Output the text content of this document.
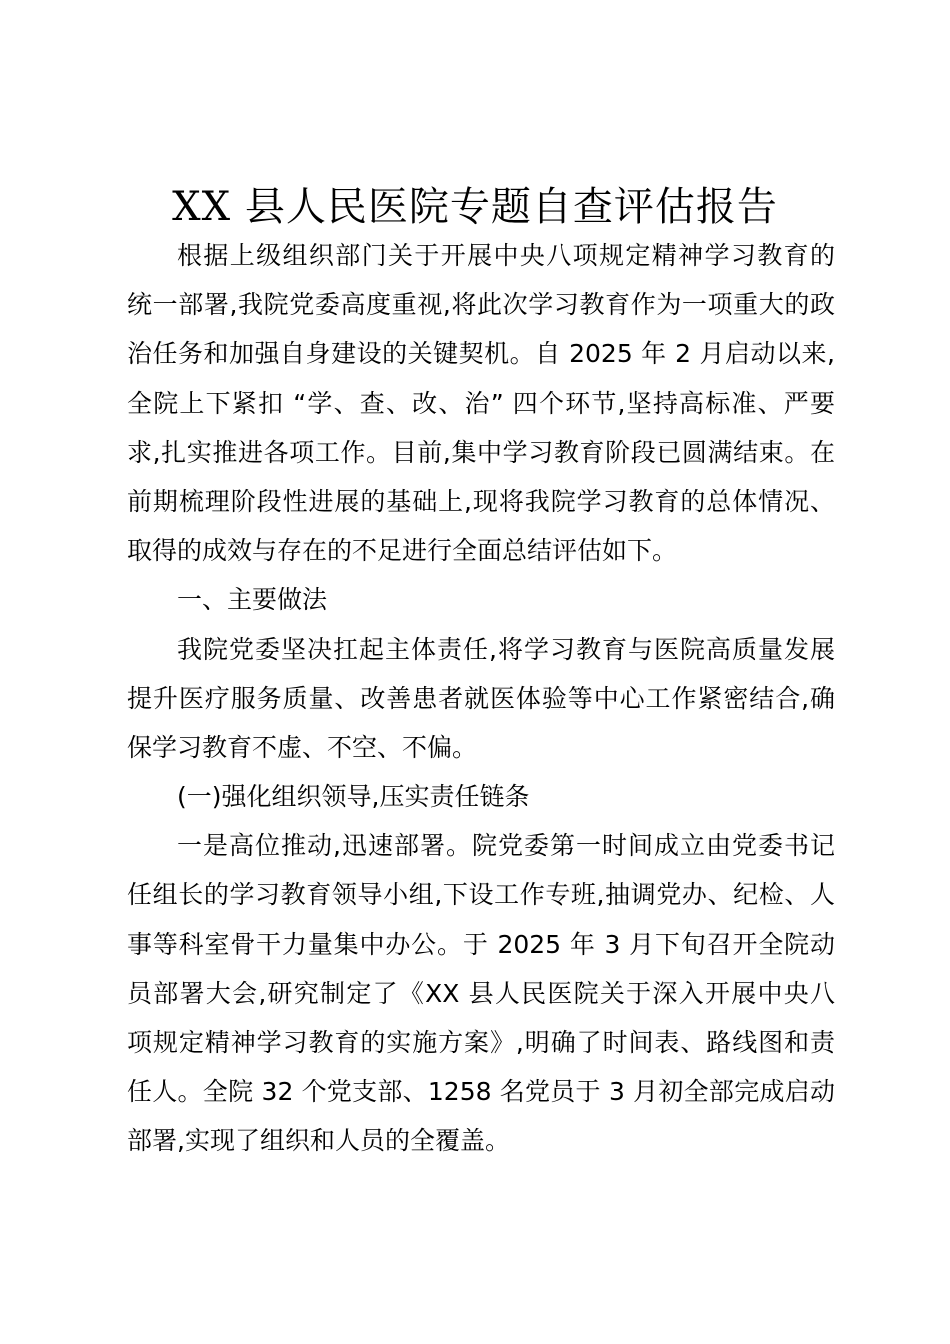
XX 县人民医院专题自查评估报告
根据上级组织部门关于开展中央八项规定精神学习教育的
统一部署,我院党委高度重视,将此次学习教育作为一项重大的政
治任务和加强自身建设的关键契机。自 2025 年 2 月启动以来,
全院上下紧扣 “学、查、改、治” 四个环节,坚持高标准、严要
求,扎实推进各项工作。目前,集中学习教育阶段已圆满结束。在
前期梳理阶段性进展的基础上,现将我院学习教育的总体情况、
取得的成效与存在的不足进行全面总结评估如下。
一、主要做法
我院党委坚决扛起主体责任,将学习教育与医院高质量发展
提升医疗服务质量、改善患者就医体验等中心工作紧密结合,确
保学习教育不虚、不空、不偏。
(一)强化组织领导,压实责任链条
一是高位推动,迅速部署。院党委第一时间成立由党委书记
任组长的学习教育领导小组,下设工作专班,抽调党办、纪检、人
事等科室骨干力量集中办公。于 2025 年 3 月下旬召开全院动
员部署大会,研究制定了《XX 县人民医院关于深入开展中央八
项规定精神学习教育的实施方案》,明确了时间表、路线图和责
任人。全院 32 个党支部、1258 名党员于 3 月初全部完成启动
部署,实现了组织和人员的全覆盖。
